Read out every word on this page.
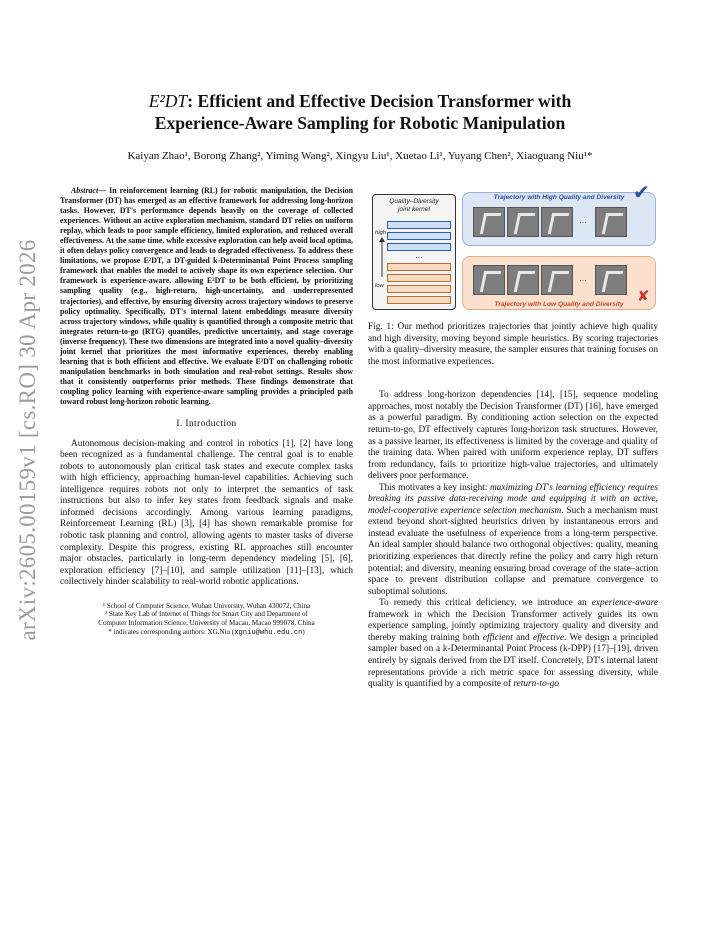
arXiv:2605.00159v1 [cs.RO] 30 Apr 2026
E²DT: Efficient and Effective Decision Transformer with
Experience-Aware Sampling for Robotic Manipulation
Kaiyan Zhao¹, Borong Zhang², Yiming Wang², Xingyu Liu¹, Xuetao Li¹, Yuyang Chen², Xiaoguang Niu¹*

Abstract— In reinforcement learning (RL) for robotic manipulation, the Decision Transformer (DT) has emerged as an effective framework for addressing long-horizon tasks. However, DT's performance depends heavily on the coverage of collected experiences. Without an active exploration mechanism, standard DT relies on uniform replay, which leads to poor sample efficiency, limited exploration, and reduced overall effectiveness. At the same time, while excessive exploration can help avoid local optima, it often delays policy convergence and leads to degraded effectiveness. To address these limitations, we propose E²DT, a DT-guided k-Determinantal Point Process sampling framework that enables the model to actively shape its own experience selection. Our framework is experience-aware, allowing E²DT to be both efficient, by prioritizing sampling quality (e.g., high-return, high-uncertainty, and underrepresented trajectories), and effective, by ensuring diversity across trajectory windows to preserve policy optimality. Specifically, DT's internal latent embeddings measure diversity across trajectory windows, while quality is quantified through a composite metric that integrates return-to-go (RTG) quantiles, predictive uncertainty, and stage coverage (inverse frequency). These two dimensions are integrated into a novel quality–diversity joint kernel that prioritizes the most informative experiences, thereby enabling learning that is both efficient and effective. We evaluate E²DT on challenging robotic manipulation benchmarks in both simulation and real-robot settings. Results show that it consistently outperforms prior methods. These findings demonstrate that coupling policy learning with experience-aware sampling provides a principled path toward robust long-horizon robotic learning.

I. Introduction

Autonomous decision-making and control in robotics [1], [2] have long been recognized as a fundamental challenge. The central goal is to enable robots to autonomously plan critical task states and execute complex tasks with high efficiency, approaching human-level capabilities. Achieving such intelligence requires robots not only to interpret the semantics of task instructions but also to infer key states from feedback signals and make informed decisions accordingly. Among various learning paradigms, Reinforcement Learning (RL) [3], [4] has shown remarkable promise for robotic task planning and control, allowing agents to master tasks of diverse complexity. Despite this progress, existing RL approaches still encounter major obstacles, particularly in long-term dependency modeling [5], [6], exploration efficiency [7]–[10], and sample utilization [11]–[13], which collectively hinder scalability to real-world robotic applications.

¹ School of Computer Science, Wuhan University, Wuhan 430072, China
² State Key Lab of Internet of Things for Smart City and Department of
Computer Information Science, University of Macau, Macao 999078, China
* indicates corresponding authors: XG.Niu (xgniu@whu.edu.cn)
Quality–Diversity
joint kernel
…
high
low
Trajectory with High Quality and Diversity
…
✔
…
Trajectory with Low Quality and Diversity ✘
Fig. 1: Our method prioritizes trajectories that jointly achieve high quality and high diversity, moving beyond simple heuristics. By scoring trajectories with a quality–diversity measure, the sampler ensures that training focuses on the most informative experiences.

To address long-horizon dependencies [14], [15], sequence modeling approaches, most notably the Decision Transformer (DT) [16], have emerged as a powerful paradigm. By conditioning action selection on the expected return-to-go, DT effectively captures long-horizon task structures. However, as a passive learner, its effectiveness is limited by the coverage and quality of the training data. When paired with uniform experience replay, DT suffers from redundancy, fails to prioritize high-value trajectories, and ultimately delivers poor performance.

This motivates a key insight: maximizing DT's learning efficiency requires breaking its passive data-receiving mode and equipping it with an active, model-cooperative experience selection mechanism. Such a mechanism must extend beyond short-sighted heuristics driven by instantaneous errors and instead evaluate the usefulness of experience from a long-term perspective. An ideal sampler should balance two orthogonal objectives: quality, meaning prioritizing experiences that directly refine the policy and carry high return potential; and diversity, meaning ensuring broad coverage of the state–action space to prevent distribution collapse and premature convergence to suboptimal solutions.

To remedy this critical deficiency, we introduce an experience-aware framework in which the Decision Transformer actively guides its own experience sampling, jointly optimizing trajectory quality and diversity and thereby making training both efficient and effective. We design a principled sampler based on a k-Determinantal Point Process (k-DPP) [17]–[19], driven entirely by signals derived from the DT itself. Concretely, DT's internal latent representations provide a rich metric space for assessing diversity, while quality is quantified by a composite of return-to-go
